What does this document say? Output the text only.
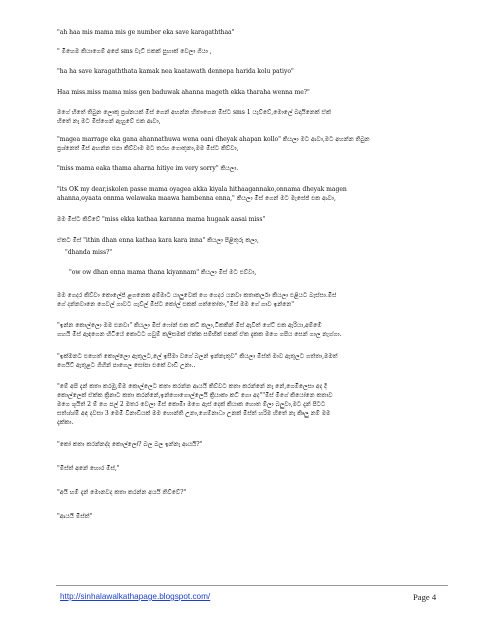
"ah haa mis mama mis ge number eka save karagaththaa"
" මිහෙම කියාගෙම් අපේ sms චැට් එකක් පුහාක් වෙලා ගියා ,
"ha ha save karagaththata kamak nea kaatawath dennepa harida kolu patiyo"
Haa miss.miss mama miss gen baduwak ahanna mageth ekka tharaha wenna me?"
මගේ හිතේ තිබුන ලොකු ප්‍රශ්නයක් මිස් ගෙන් අහන්න හිතාගෙන මිස්ට sms 1 යැව්වේ,මොලේ බදායිනෙක් ඒක්
හිතේ නෑ මට මිස්ගෙන් ඇහුවේ එක ආවා,
"magea marrage eka gana ahannathuwa wena oani dheyak ahapan kollo" කියලා මට ආවා,මට අහන්න තිබුන
ප්‍රශ්නෙත් මිස් අහන්න එපා කිව්වාම මට තරහ ගොතුනා,මම මිස්ට කිව්වා,
"miss mama eaka thama aharna hitiye im very sorry" කියලා.
"its OK my dear,iskolen passe mama oyagea akka kiyala hithaagannako,onnama dheyak magen
ahanna,oyaata onnma welawaka maawa hambenna enna," කියලා මිස් ගෙන් මට මැසේජ් එක ආවා,
මම මිස්ට කිව්වේ "miss ekka kathaa karanna mama hugaak aasai miss"
ඒකට මිස් "ithin dhan enna kathaa kara kara inna" කියලා පිළිතුරු කලා,
"dhanda miss?"
"ow ow dhan enna mama thana kiyannam" කියලා මිස් මට එව්වා,
මම ගෙදර කිව්වා කොලේජ් ළගනෙක අම්මාට යාලුවෙක් ගෙ ගෙදර යනවා කතාකර්ලා කියලා එළියට බැස්සා.මිස්
ගේ දන්නවානෙ ගෙවල් ගාවට ගැව්ල් මිස්ට කෝල් එකක් ගත්තෝතං,"මිස් මම ගේ ගාව ඉන්නෙ"
"ඉන්න කොල්ලො මම එනවා" කියලා මිස් ෆෝන් එක කට් කලා,ටිකකින් මිස් ඇවිත් ගේට් එක ඇරියා,අම්මේ
ගහයි මිස් ඇඳගෙන හිටියේ කොටට ගවුම් කලිසමක් ඒක්ක සම්භික් එකක් ඒක දැකක මගෙ ගපිය සෙන් ගාල නැග්ගා.
"ඉක්මනට එහෙත් කොල්ලො ඇතුලට,ලේ ඉසීමා වගේ බලන් ඉන්නැතුව" කියලා මිස්ත් මාව ඇතුලට ගත්තා,මමත්
ගෙයිට් ඇතුළට ගිහින් පාගෙල සෝපා එකේ වාඩි උනා..
"මේ අපි දැන් කතා කරමු,ම්ම කොල්ලෙට කතා කරන්න ආයයි කිව්වට කතා කරන්නේ නෑ නේ,ගෙමිලෙසා අද දී
කොල්ලෙක් ඒක්ක ක්‍රිනාට කතා කරන්නේ,ඉන්ගොගොල්ලෙයි ක්‍රියාකා කට් ගො අද""මිස් මිගේ කියෝනෙ කතාව
මගෙ ශුයිත් 2 ම් ගෙ පල් 2 මතර වෙලා මිස් කොමිා මගෙ ඇස් දෙක් කියාක හොත ම්ලා බලුවා,මට දැන් පිටට
සත්ශ්ශ්මි අඳ දවසා 3 මෙමි විනාඩියක් මම හොන්ති උනා,ගෙම්නාධා උනක් මිස්ත් හරිම හිතේ නැ කිෘලු නම් මම
දැක්කා.
"කෝ කතා කරන්නද්ද කොල්ලෝ? බල බල ඉන්නැ ආයයි?"
"මිස්ත් අනේ හොර මිස්,"
"අයි හම් දැන් මොනවද කතා කරන්න අයයි තිව්වේ?"
"ආයයි මිස්ත්"
http://sinhalawalkathapage.blogspot.com/	Page 4
